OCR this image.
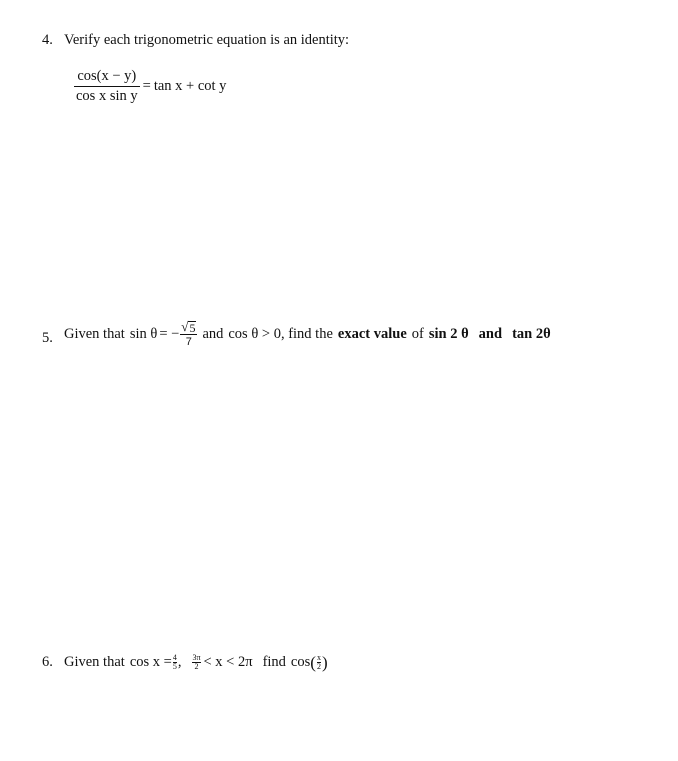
4. Verify each trigonometric equation is an identity:
$\frac{\cos(x - y)}{\text{cos x sin y}} = \tan x + \cot y$
5. Given that sin θ = − √ 5
7
and cos θ > 0 , find the exact value of sin 2 θ and tan 2θ
6. Given that $\cos x = \frac{4}{5}$ , $\frac{3\pi}{2} < x < 2\pi$ find cos ( $\frac{x}{2}$ )
